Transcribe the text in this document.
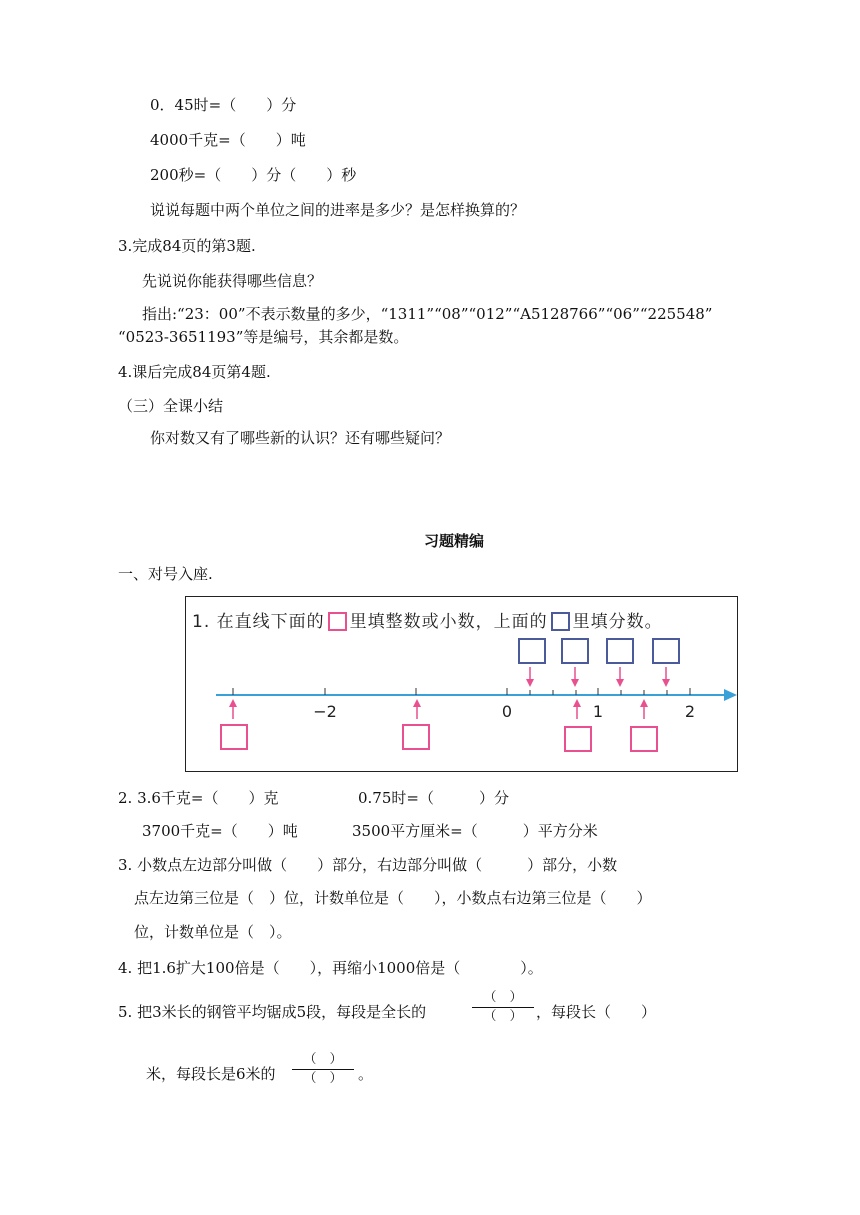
0．45时=（　　）分
4000千克=（　　）吨
200秒=（　　）分（　　）秒
说说每题中两个单位之间的进率是多少？是怎样换算的？
3.完成84页的第3题.
先说说你能获得哪些信息？
指出:“23：00”不表示数量的多少，“1311”“08”“012”“A5128766”“06”“225548”
“0523-3651193”等是编号，其余都是数。
4.课后完成84页第4题.
（三）全课小结
你对数又有了哪些新的认识？还有哪些疑问？
习题精编
一、对号入座.
1. 在直线下面的 里填整数或小数，上面的 里填分数。
−2	0	1	2
2. 3.6千克=（　　）克	0.75时=（　　　）分
3700千克=（　　）吨	3500平方厘米=（　　　）平方分米
3. 小数点左边部分叫做（　　）部分，右边部分叫做（　　　）部分，小数
点左边第三位是（　）位，计数单位是（　　），小数点右边第三位是（　　）
位，计数单位是（　）。
4. 把1.6扩大100倍是（　　），再缩小1000倍是（　　　　）。
5. 把3米长的钢管平均锯成5段，每段是全长的
（　）
（　） ，每段长（　　）
米，每段长是6米的
（　）
（　）	。
